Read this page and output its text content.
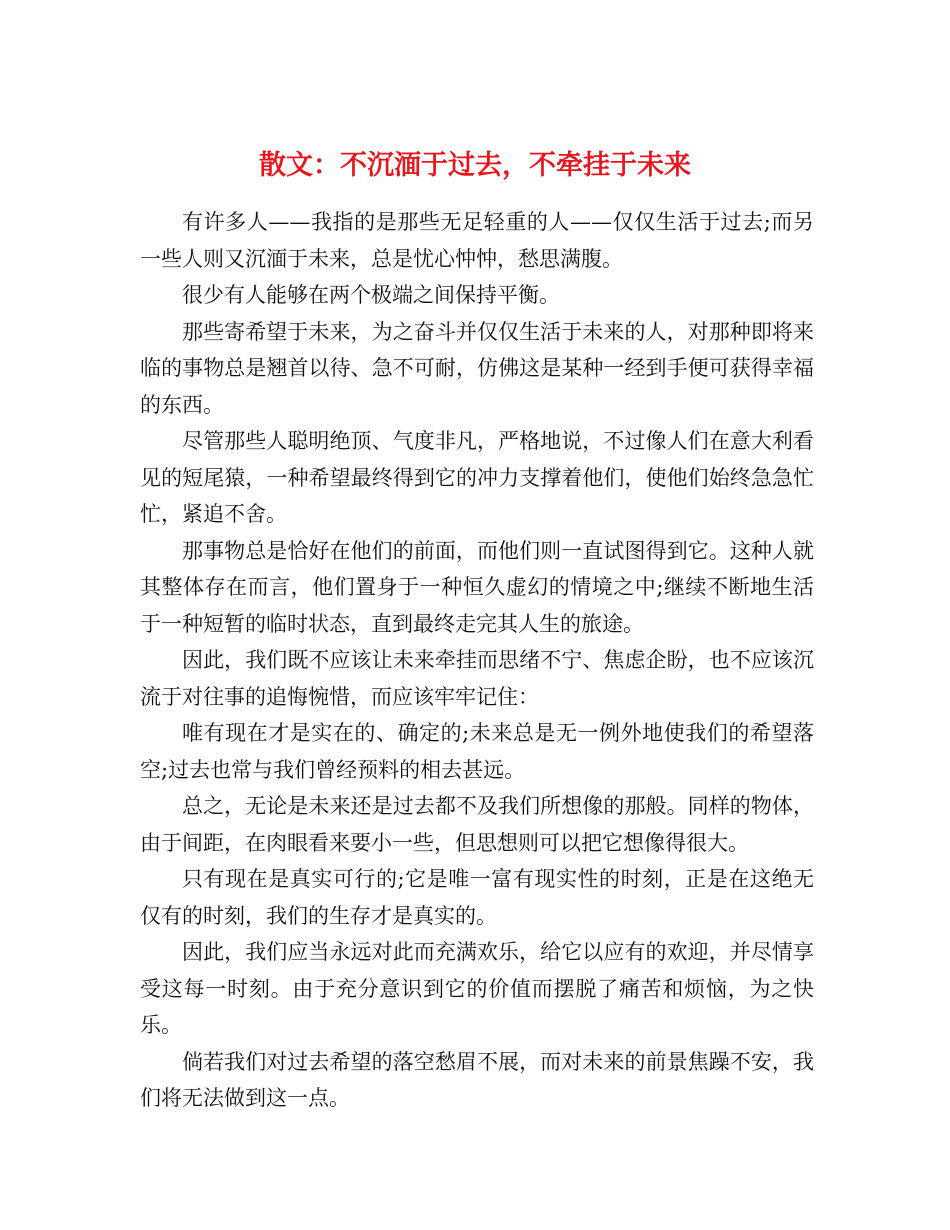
散文：不沉湎于过去，不牵挂于未来

有许多人——我指的是那些无足轻重的人——仅仅生活于过去;而另一些人则又沉湎于未来，总是忧心忡忡，愁思满腹。

很少有人能够在两个极端之间保持平衡。

那些寄希望于未来，为之奋斗并仅仅生活于未来的人，对那种即将来临的事物总是翘首以待、急不可耐，仿佛这是某种一经到手便可获得幸福的东西。

尽管那些人聪明绝顶、气度非凡，严格地说，不过像人们在意大利看见的短尾猿，一种希望最终得到它的冲力支撑着他们，使他们始终急急忙忙，紧追不舍。

那事物总是恰好在他们的前面，而他们则一直试图得到它。这种人就其整体存在而言，他们置身于一种恒久虚幻的情境之中;继续不断地生活于一种短暂的临时状态，直到最终走完其人生的旅途。

因此，我们既不应该让未来牵挂而思绪不宁、焦虑企盼，也不应该沉流于对往事的追悔惋惜，而应该牢牢记住：

唯有现在才是实在的、确定的;未来总是无一例外地使我们的希望落空;过去也常与我们曾经预料的相去甚远。

总之，无论是未来还是过去都不及我们所想像的那般。同样的物体，由于间距，在肉眼看来要小一些，但思想则可以把它想像得很大。

只有现在是真实可行的;它是唯一富有现实性的时刻，正是在这绝无仅有的时刻，我们的生存才是真实的。

因此，我们应当永远对此而充满欢乐，给它以应有的欢迎，并尽情享受这每一时刻。由于充分意识到它的价值而摆脱了痛苦和烦恼，为之快乐。

倘若我们对过去希望的落空愁眉不展，而对未来的前景焦躁不安，我们将无法做到这一点。
